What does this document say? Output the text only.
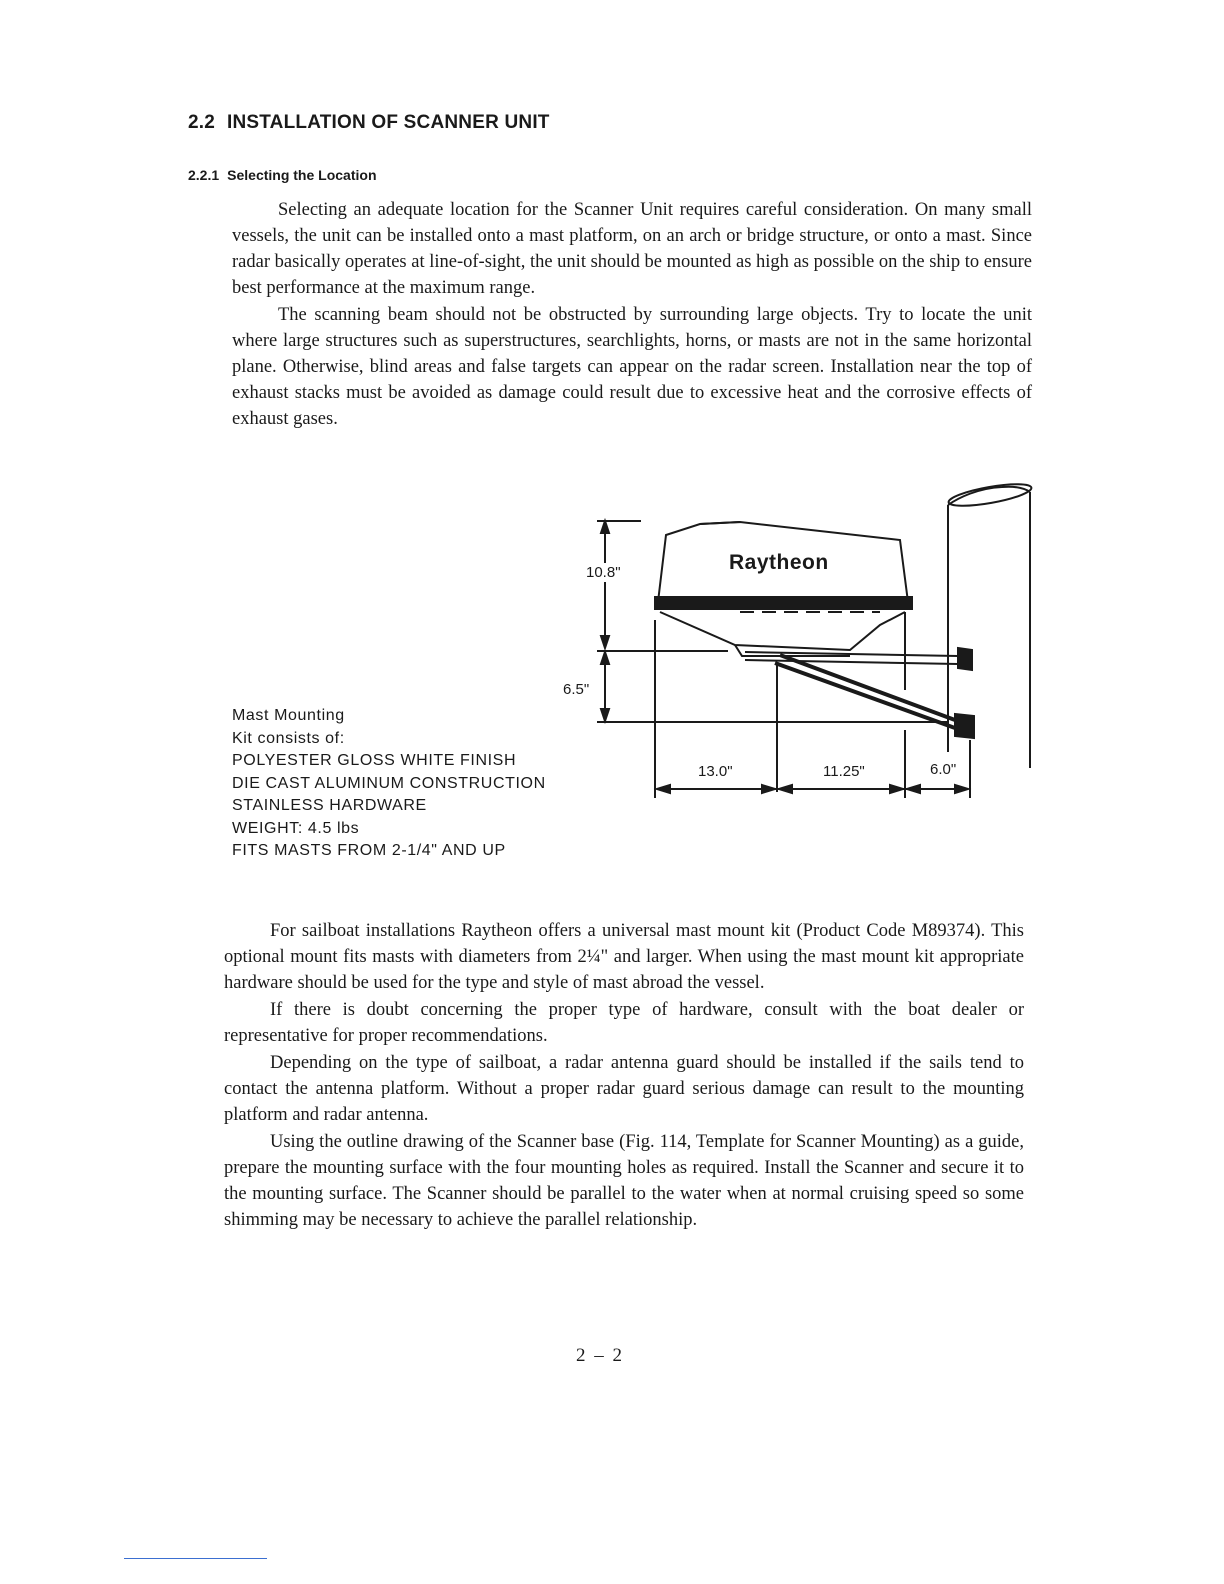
2.2 INSTALLATION OF SCANNER UNIT
2.2.1 Selecting the Location

Selecting an adequate location for the Scanner Unit requires careful consideration. On many small vessels, the unit can be installed onto a mast platform, on an arch or bridge structure, or onto a mast. Since radar basically operates at line-of-sight, the unit should be mounted as high as possible on the ship to ensure best performance at the maximum range.

The scanning beam should not be obstructed by surrounding large objects. Try to locate the unit where large structures such as superstructures, searchlights, horns, or masts are not in the same horizontal plane. Otherwise, blind areas and false targets can appear on the radar screen. Installation near the top of exhaust stacks must be avoided as damage could result due to excessive heat and the corrosive effects of exhaust gases.

Raytheon
10.8"
6.5"
13.0"	11.25"	6.0"
Mast Mounting
Kit consists of:
POLYESTER GLOSS WHITE FINISH
DIE CAST ALUMINUM CONSTRUCTION
STAINLESS HARDWARE
WEIGHT: 4.5 lbs
FITS MASTS FROM 2-1/4" AND UP

For sailboat installations Raytheon offers a universal mast mount kit (Product Code M89374). This optional mount fits masts with diameters from 2¼" and larger. When using the mast mount kit appropriate hardware should be used for the type and style of mast abroad the vessel.

If there is doubt concerning the proper type of hardware, consult with the boat dealer or representative for proper recommendations.

Depending on the type of sailboat, a radar antenna guard should be installed if the sails tend to contact the antenna platform. Without a proper radar guard serious damage can result to the mounting platform and radar antenna.

Using the outline drawing of the Scanner base (Fig. 114, Template for Scanner Mounting) as a guide, prepare the mounting surface with the four mounting holes as required. Install the Scanner and secure it to the mounting surface. The Scanner should be parallel to the water when at normal cruising speed so some shimming may be necessary to achieve the parallel relationship.

2 – 2
